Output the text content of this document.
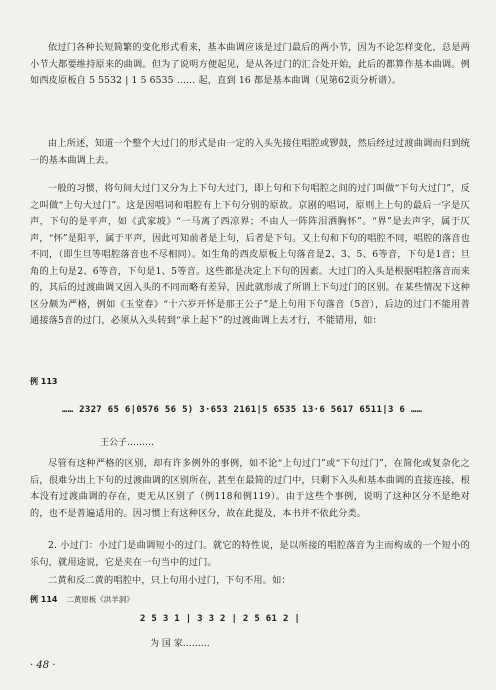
依过门各种长短简繁的变化形式看来，基本曲调应该是过门最后的两小节，因为不论怎样变化，总是两小节大都要维持原来的曲调。但为了说明方便起见，是从各过门的汇合处开始，此后的都算作基本曲调。例如西皮原板自 5 5532 | 1 5 6535 …… 起，直到 16 都是基本曲调（见第62页分析谱）。

由上所述，知道一个整个大过门的形式是由一定的入头先接住唱腔或锣鼓，然后经过过渡曲调而归到统一的基本曲调上去。

一般的习惯，将句间大过门又分为上下句大过门，即上句和下句唱腔之间的过门叫做“下句大过门”，反之叫做“上句大过门”。这是因唱词和唱腔有上下句分别的原故。京剧的唱词，原则上上句的最后一字是仄声，下句的是平声，如《武家坡》“一马离了西凉界；不由人一阵阵泪洒胸怀”。“界”是去声字，属于仄声，“怀”是阳平，属于平声，因此可知前者是上句，后者是下句。又上句和下句的唱腔不同，唱腔的落音也不同，（即生旦等唱腔落音也不尽相同）。如生角的西皮原板上句落音是2、3、5、6等音，下句是1音；旦角的上句是2、6等音，下句是1、5等音。这些都是决定上下句的因素。大过门的入头是根据唱腔落音而来的，其后的过渡曲调又因入头的不同而略有差异，因此就形成了所谓上下句过门的区别。在某些情况下这种区分颇为严格，例如《玉堂春》“十六岁开怀是那王公子”是上句用下句落音（5音），后边的过门不能用普通接落5音的过门，必须从入头转到“承上起下”的过渡曲调上去才行，不能错用，如：

例 113
…… 2327 65 6|0576 56 5) 3·653 2161|5 6535 13·6 5617 6511|3 6 ……
王公子………

尽管有这种严格的区别，却有许多例外的事例，如不论“上句过门”或“下句过门”，在简化或复杂化之后，很难分出上下句的过渡曲调的区别所在，甚至在最简的过门中，只剩下入头和基本曲调的直接连接，根本没有过渡曲调的存在，更无从区别了（例118和例119）。由于这些个事例，说明了这种区分不是绝对的，也不是普遍适用的。因习惯上有这种区分，故在此提及，本书并不依此分类。

2. 小过门：小过门是曲调短小的过门。就它的特性说，是以所接的唱腔落音为主而构成的一个短小的乐句，就用途说，它是夹在一句当中的过门。

二黄和反二黄的唱腔中，只上句用小过门，下句不用。如：

例 114 二黄原板《洪羊洞》
2 5 3 1 | 3 3 2 | 2 5 61 2 |
为 国 家………
· 48 ·
